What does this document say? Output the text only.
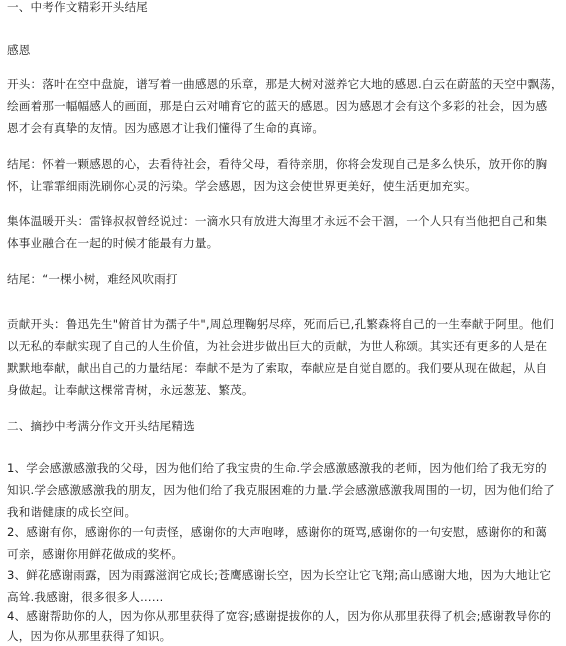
一、中考作文精彩开头结尾
感恩
开头：落叶在空中盘旋，谱写着一曲感恩的乐章，那是大树对滋养它大地的感恩.白云在蔚蓝的天空中飘荡，
绘画着那一幅幅感人的画面，那是白云对哺育它的蓝天的感恩。因为感恩才会有这个多彩的社会，因为感
恩才会有真挚的友情。因为感恩才让我们懂得了生命的真谛。
结尾：怀着一颗感恩的心，去看待社会，看待父母，看待亲朋，你将会发现自己是多么快乐，放开你的胸
怀，让霏霏细雨洗刷你心灵的污染。学会感恩，因为这会使世界更美好，使生活更加充实。
集体温暖开头：雷锋叔叔曾经说过：一滴水只有放进大海里才永远不会干涸，一个人只有当他把自己和集
体事业融合在一起的时候才能最有力量。
结尾：“一棵小树，难经风吹雨打
贡献开头：鲁迅先生"俯首甘为孺子牛",周总理鞠躬尽瘁，死而后已,孔繁森将自己的一生奉献于阿里。他们
以无私的奉献实现了自己的人生价值，为社会进步做出巨大的贡献，为世人称颂。其实还有更多的人是在
默默地奉献，献出自己的力量结尾：奉献不是为了索取，奉献应是自觉自愿的。我们要从现在做起，从自
身做起。让奉献这棵常青树，永远葱茏、繁茂。
二、摘抄中考满分作文开头结尾精选
1、学会感激感激我的父母，因为他们给了我宝贵的生命.学会感激感激我的老师，因为他们给了我无穷的
知识.学会感激感激我的朋友，因为他们给了我克服困难的力量.学会感激感激我周围的一切，因为他们给了
我和谐健康的成长空间。
2、感谢有你，感谢你的一句责怪，感谢你的大声咆哮，感谢你的斑骂,感谢你的一句安慰，感谢你的和蔼
可亲，感谢你用鲜花做成的奖杯。
3、鲜花感谢雨露，因为雨露滋润它成长;苍鹰感谢长空，因为长空让它飞翔;高山感谢大地，因为大地让它
高耸.我感谢，很多很多人……
4、感谢帮助你的人，因为你从那里获得了宽容;感谢提拔你的人，因为你从那里获得了机会;感谢教导你的
人，因为你从那里获得了知识。
